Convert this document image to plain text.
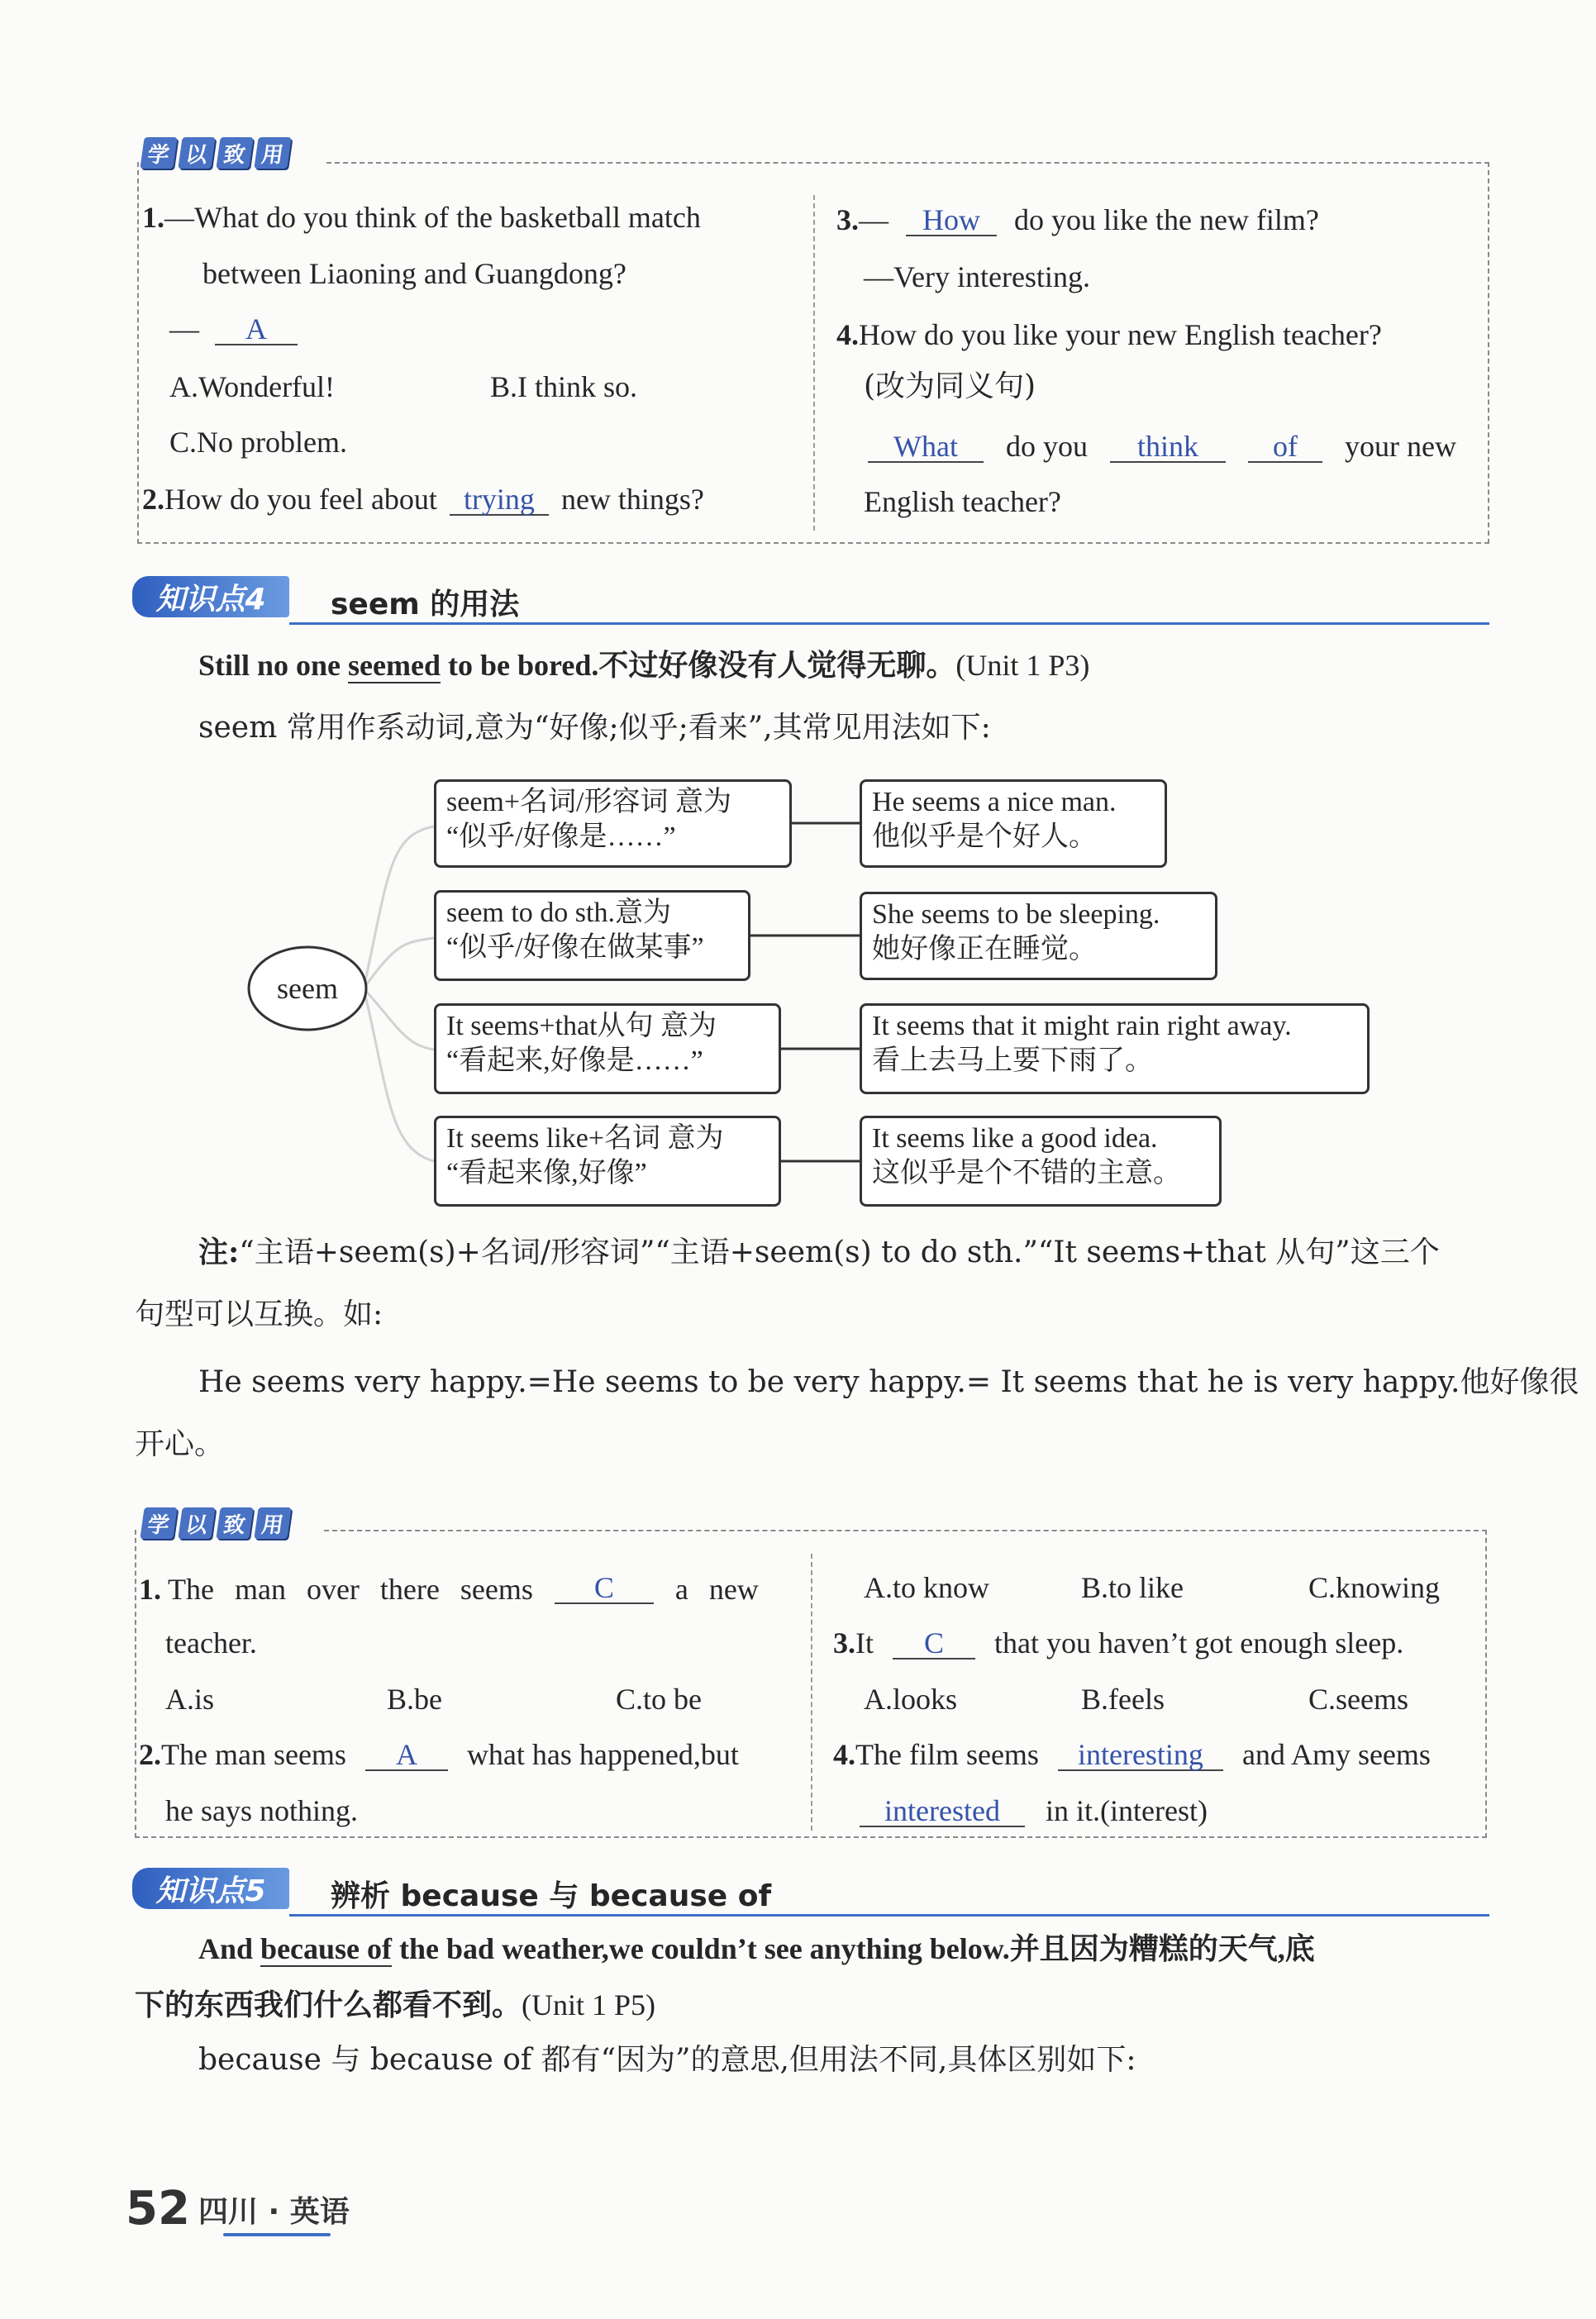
学 以 致 用
1.—What do you think of the basketball match
between Liaoning and Guangdong?
— A
A.Wonderful!	B.I think so.
C.No problem.
2.How do you feel about trying new things?
3.— How do you like the new film?
—Very interesting.
4.How do you like your new English teacher?
(改为同义句)
What do you think	of your new
English teacher?
知识点4	seem 的用法
Still no one seemed to be bored.不过好像没有人觉得无聊。(Unit 1 P3)
seem 常用作系动词,意为“好像;似乎;看来”,其常见用法如下:
seem
seem+名词/形容词 意为
“似乎/好像是……”
He seems a nice man.
他似乎是个好人。
seem to do sth.意为
“似乎/好像在做某事”
She seems to be sleeping.
她好像正在睡觉。
It seems+that从句 意为
“看起来,好像是……”
It seems that it might rain right away.
看上去马上要下雨了。
It seems like+名词 意为
“看起来像,好像”
It seems like a good idea.
这似乎是个不错的主意。
注:“主语+seem(s)+名词/形容词”“主语+seem(s) to do sth.”“It seems+that 从句”这三个
句型可以互换。如:
He seems very happy.=He seems to be very happy.= It seems that he is very happy.他好像很
开心。
学 以 致 用
1. The man over there seems	C	a new
teacher.
A.is	B.be	C.to be
2.The man seems A what has happened,but
he says nothing.
A.to know	B.to like	C.knowing
3.It C that you haven’t got enough sleep.
A.looks	B.feels	C.seems
4.The film seems interesting and Amy seems
interested in it.(interest)
知识点5	辨析 because 与 because of
And because of the bad weather,we couldn’t see anything below.并且因为糟糕的天气,底
下的东西我们什么都看不到。(Unit 1 P5)
because 与 because of 都有“因为”的意思,但用法不同,具体区别如下:
52 四川 · 英语
